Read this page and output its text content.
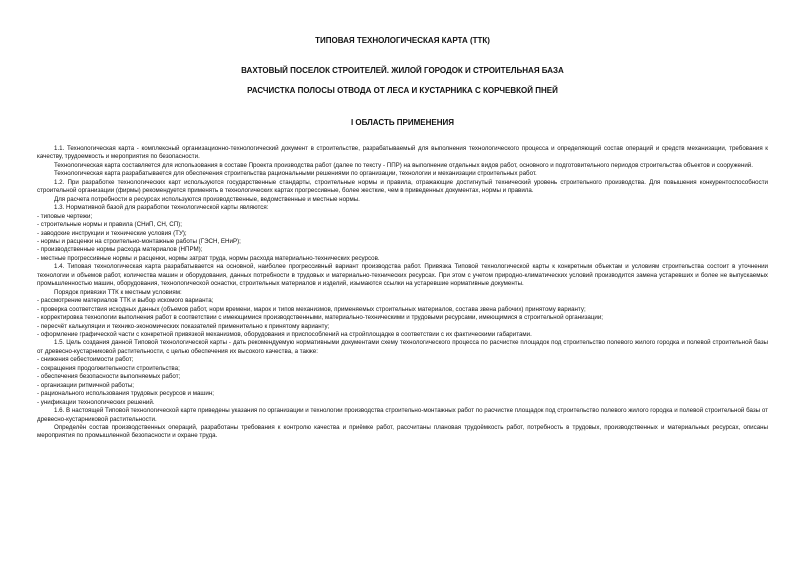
ТИПОВАЯ ТЕХНОЛОГИЧЕСКАЯ КАРТА (ТТК)
ВАХТОВЫЙ ПОСЕЛОК СТРОИТЕЛЕЙ. ЖИЛОЙ ГОРОДОК И СТРОИТЕЛЬНАЯ БАЗА
РАСЧИСТКА ПОЛОСЫ ОТВОДА ОТ ЛЕСА И КУСТАРНИКА С КОРЧЕВКОЙ ПНЕЙ
I ОБЛАСТЬ ПРИМЕНЕНИЯ

1.1. Технологическая карта - комплексный организационно-технологический документ в строительстве, разрабатываемый для выполнения технологического процесса и определяющий состав операций и средств механизации, требования к качеству, трудоемкость и мероприятия по безопасности.

Технологическая карта составляется для использования в составе Проекта производства работ (далее по тексту - ППР) на выполнение отдельных видов работ, основного и подготовительного периодов строительства объектов и сооружений.

Технологическая карта разрабатывается для обеспечения строительства рациональными решениями по организации, технологии и механизации строительных работ.

1.2. При разработке технологических карт используются государственные стандарты, строительные нормы и правила, отражающие достигнутый технический уровень строительного производства. Для повышения конкурентоспособности строительной организации (фирмы) рекомендуется применять в технологических картах прогрессивные, более жесткие, чем в приведенных документах, нормы и правила.

Для расчета потребности в ресурсах используются производственные, ведомственные и местные нормы.

1.3. Нормативной базой для разработки технологической карты являются:

- типовые чертежи;

- строительные нормы и правила (СНиП, СН, СП);

- заводские инструкции и технические условия (ТУ);

- нормы и расценки на строительно-монтажные работы (ГЭСН, ЕНиР);

- производственные нормы расхода материалов (НПРМ);

- местные прогрессивные нормы и расценки, нормы затрат труда, нормы расхода материально-технических ресурсов.

1.4. Типовая технологическая карта разрабатывается на основной, наиболее прогрессивный вариант производства работ. Привязка Типовой технологической карты к конкретным объектам и условиям строительства состоит в уточнении технологии и объемов работ, количества машин и оборудования, данных потребности в трудовых и материально-технических ресурсах. При этом с учетом природно-климатических условий производится замена устаревших и более не выпускаемых промышленностью машин, оборудования, технологической оснастки, строительных материалов и изделий, изымаются ссылки на устаревшие нормативные документы.

Порядок привязки ТТК к местным условиям:

- рассмотрение материалов ТТК и выбор искомого варианта;

- проверка соответствия исходных данных (объемов работ, норм времени, марок и типов механизмов, применяемых строительных материалов, состава звена рабочих) принятому варианту;

- корректировка технологии выполнения работ в соответствии с имеющимися производственными, материально-техническими и трудовыми ресурсами, имеющимися в строительной организации;

- пересчёт калькуляции и технико-экономических показателей применительно к принятому варианту;

- оформление графической части с конкретной привязкой механизмов, оборудования и приспособлений на стройплощадке в соответствии с их фактическими габаритами.

1.5. Цель создания данной Типовой технологической карты - дать рекомендуемую нормативными документами схему технологического процесса по расчистке площадок под строительство полевого жилого городка и полевой строительной базы от древесно-кустарниковой растительности, с целью обеспечения их высокого качества, а также:

- снижения себестоимости работ;

- сокращения продолжительности строительства;

- обеспечения безопасности выполняемых работ;

- организации ритмичной работы;

- рационального использования трудовых ресурсов и машин;

- унификации технологических решений.

1.6. В настоящей Типовой технологической карте приведены указания по организации и технологии производства строительно-монтажных работ по расчистке площадок под строительство полевого жилого городка и полевой строительной базы от древесно-кустарниковой растительности.

Определён состав производственных операций, разработаны требования к контролю качества и приёмке работ, рассчитаны плановая трудоёмкость работ, потребность в трудовых, производственных и материальных ресурсах, описаны мероприятия по промышленной безопасности и охране труда.
